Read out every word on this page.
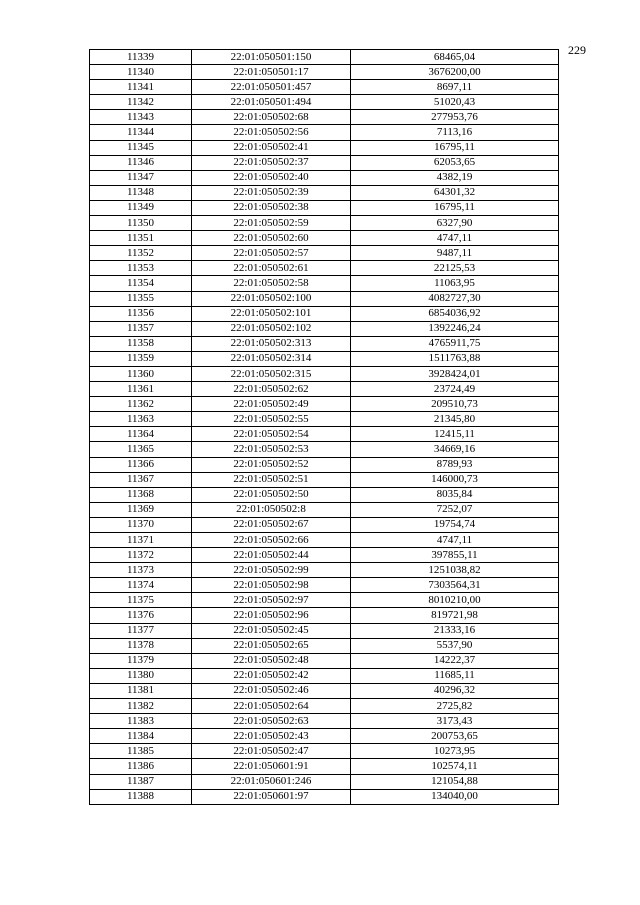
229
11339	22:01:050501:150	68465,04
11340	22:01:050501:17	3676200,00
11341	22:01:050501:457	8697,11
11342	22:01:050501:494	51020,43
11343	22:01:050502:68	277953,76
11344	22:01:050502:56	7113,16
11345	22:01:050502:41	16795,11
11346	22:01:050502:37	62053,65
11347	22:01:050502:40	4382,19
11348	22:01:050502:39	64301,32
11349	22:01:050502:38	16795,11
11350	22:01:050502:59	6327,90
11351	22:01:050502:60	4747,11
11352	22:01:050502:57	9487,11
11353	22:01:050502:61	22125,53
11354	22:01:050502:58	11063,95
11355	22:01:050502:100	4082727,30
11356	22:01:050502:101	6854036,92
11357	22:01:050502:102	1392246,24
11358	22:01:050502:313	4765911,75
11359	22:01:050502:314	1511763,88
11360	22:01:050502:315	3928424,01
11361	22:01:050502:62	23724,49
11362	22:01:050502:49	209510,73
11363	22:01:050502:55	21345,80
11364	22:01:050502:54	12415,11
11365	22:01:050502:53	34669,16
11366	22:01:050502:52	8789,93
11367	22:01:050502:51	146000,73
11368	22:01:050502:50	8035,84
11369	22:01:050502:8	7252,07
11370	22:01:050502:67	19754,74
11371	22:01:050502:66	4747,11
11372	22:01:050502:44	397855,11
11373	22:01:050502:99	1251038,82
11374	22:01:050502:98	7303564,31
11375	22:01:050502:97	8010210,00
11376	22:01:050502:96	819721,98
11377	22:01:050502:45	21333,16
11378	22:01:050502:65	5537,90
11379	22:01:050502:48	14222,37
11380	22:01:050502:42	11685,11
11381	22:01:050502:46	40296,32
11382	22:01:050502:64	2725,82
11383	22:01:050502:63	3173,43
11384	22:01:050502:43	200753,65
11385	22:01:050502:47	10273,95
11386	22:01:050601:91	102574,11
11387	22:01:050601:246	121054,88
11388	22:01:050601:97	134040,00
